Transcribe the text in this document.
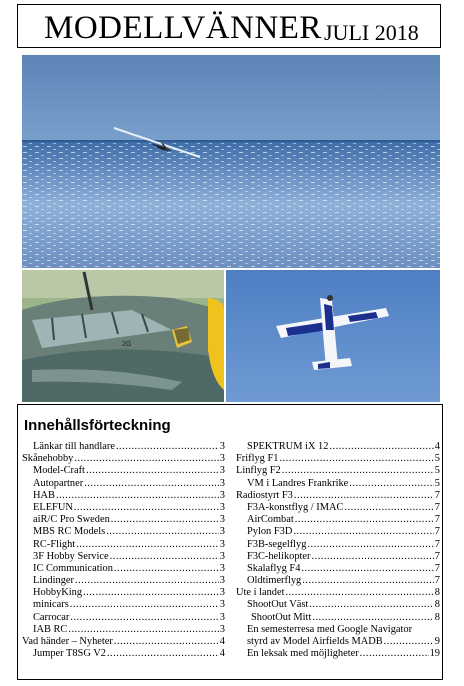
MODELLVÄNNER JULI 2018
2G
Innehållsförteckning
Länkar till handlare .....	3
Skånehobby .....	3
Model-Craft .....	3
Autopartner .....	3
HAB .....	3
ELEFUN .....	3
aiR/C Pro Sweden .....	3
MBS RC Models .....	3
RC-Flight .....	3
3F Hobby Service .....	3
IC Communication .....	3
Lindinger .....	3
HobbyKing .....	3
minicars .....	3
Carrocar .....	3
IAB RC .....	3
Vad händer – Nyheter .....	4
Jumper T8SG V2 .....	4
SPEKTRUM iX 12 .....	4
Friflyg F1 .....	5
Linflyg F2 .....	5
VM i Landres Frankrike .....	5
Radiostyrt F3 .....	7
F3A-konstflyg / IMAC .....	7
AirCombat .....	7
Pylon F3D .....	7
F3B-segelflyg .....	7
F3C-helikopter .....	7
Skalaflyg F4 .....	7
Oldtimerflyg .....	7
Ute i landet .....	8
ShootOut Väst .....	8
ShootOut Mitt .....	8
En semesterresa med Google Navigator
styrd av Model Airfields MADB .....	9
En leksak med möjligheter .....	19
